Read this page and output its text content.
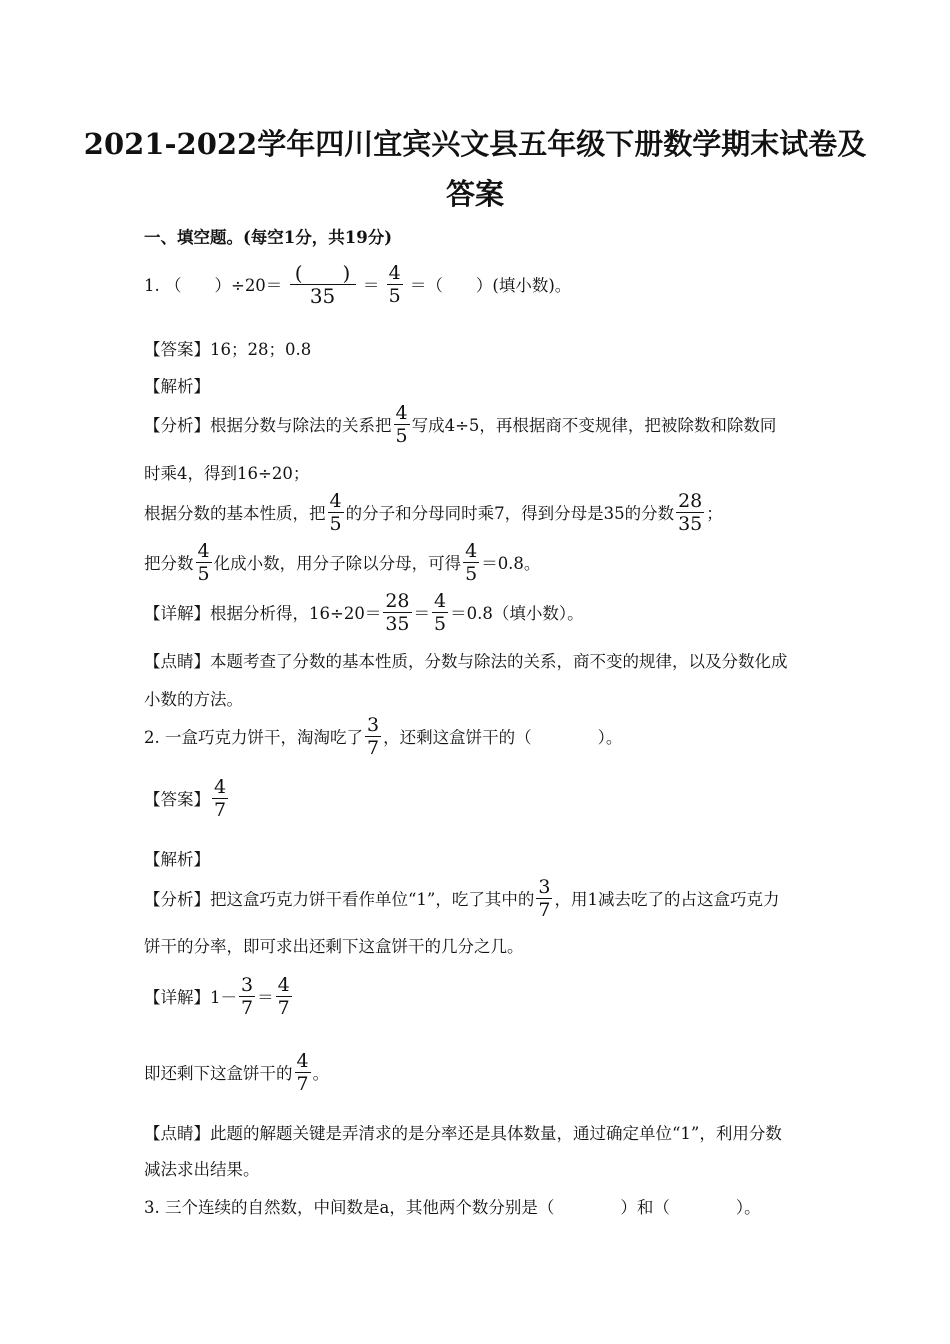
2021-2022学年四川宜宾兴文县五年级下册数学期末试卷及
答案
一、填空题。(每空1分，共19分)
1. （　　）$\div 20= \frac{( )}{35} = \frac{4}{5}$ ＝（　　）(填小数)。
【答案】16；28；0.8
【解析】
【分析】根据分数与除法的关系把 $\frac{4}{5}$ 写成4÷5，再根据商不变规律，把被除数和除数同
时乘4，得到16÷20；
根据分数的基本性质，把 $\frac{4}{5}$ 的分子和分母同时乘7，得到分母是35的分数 $\frac{28}{35}$ ；
把分数 $\frac{4}{5}$ 化成小数，用分子除以分母，可得 $\frac{4}{5} =0.8$。
【详解】根据分析得，$16\div 20= \frac{28}{35} = \frac{4}{5} =0.8$（填小数）。
【点睛】本题考查了分数的基本性质，分数与除法的关系，商不变的规律，以及分数化成
小数的方法。
2. 一盒巧克力饼干，淘淘吃了 $\frac{3}{7}$ ，还剩这盒饼干的（　　　　）。
【答案】 $\frac{4}{7}$
【解析】
【分析】把这盒巧克力饼干看作单位“1”，吃了其中的 $\frac{3}{7}$ ，用1减去吃了的占这盒巧克力
饼干的分率，即可求出还剩下这盒饼干的几分之几。
【详解】$1- \frac{3}{7} = \frac{4}{7}$
即还剩下这盒饼干的 $\frac{4}{7}$ 。
【点睛】此题的解题关键是弄清求的是分率还是具体数量，通过确定单位“1”，利用分数
减法求出结果。
3. 三个连续的自然数，中间数是a，其他两个数分别是（　　　　）和（　　　　）。
